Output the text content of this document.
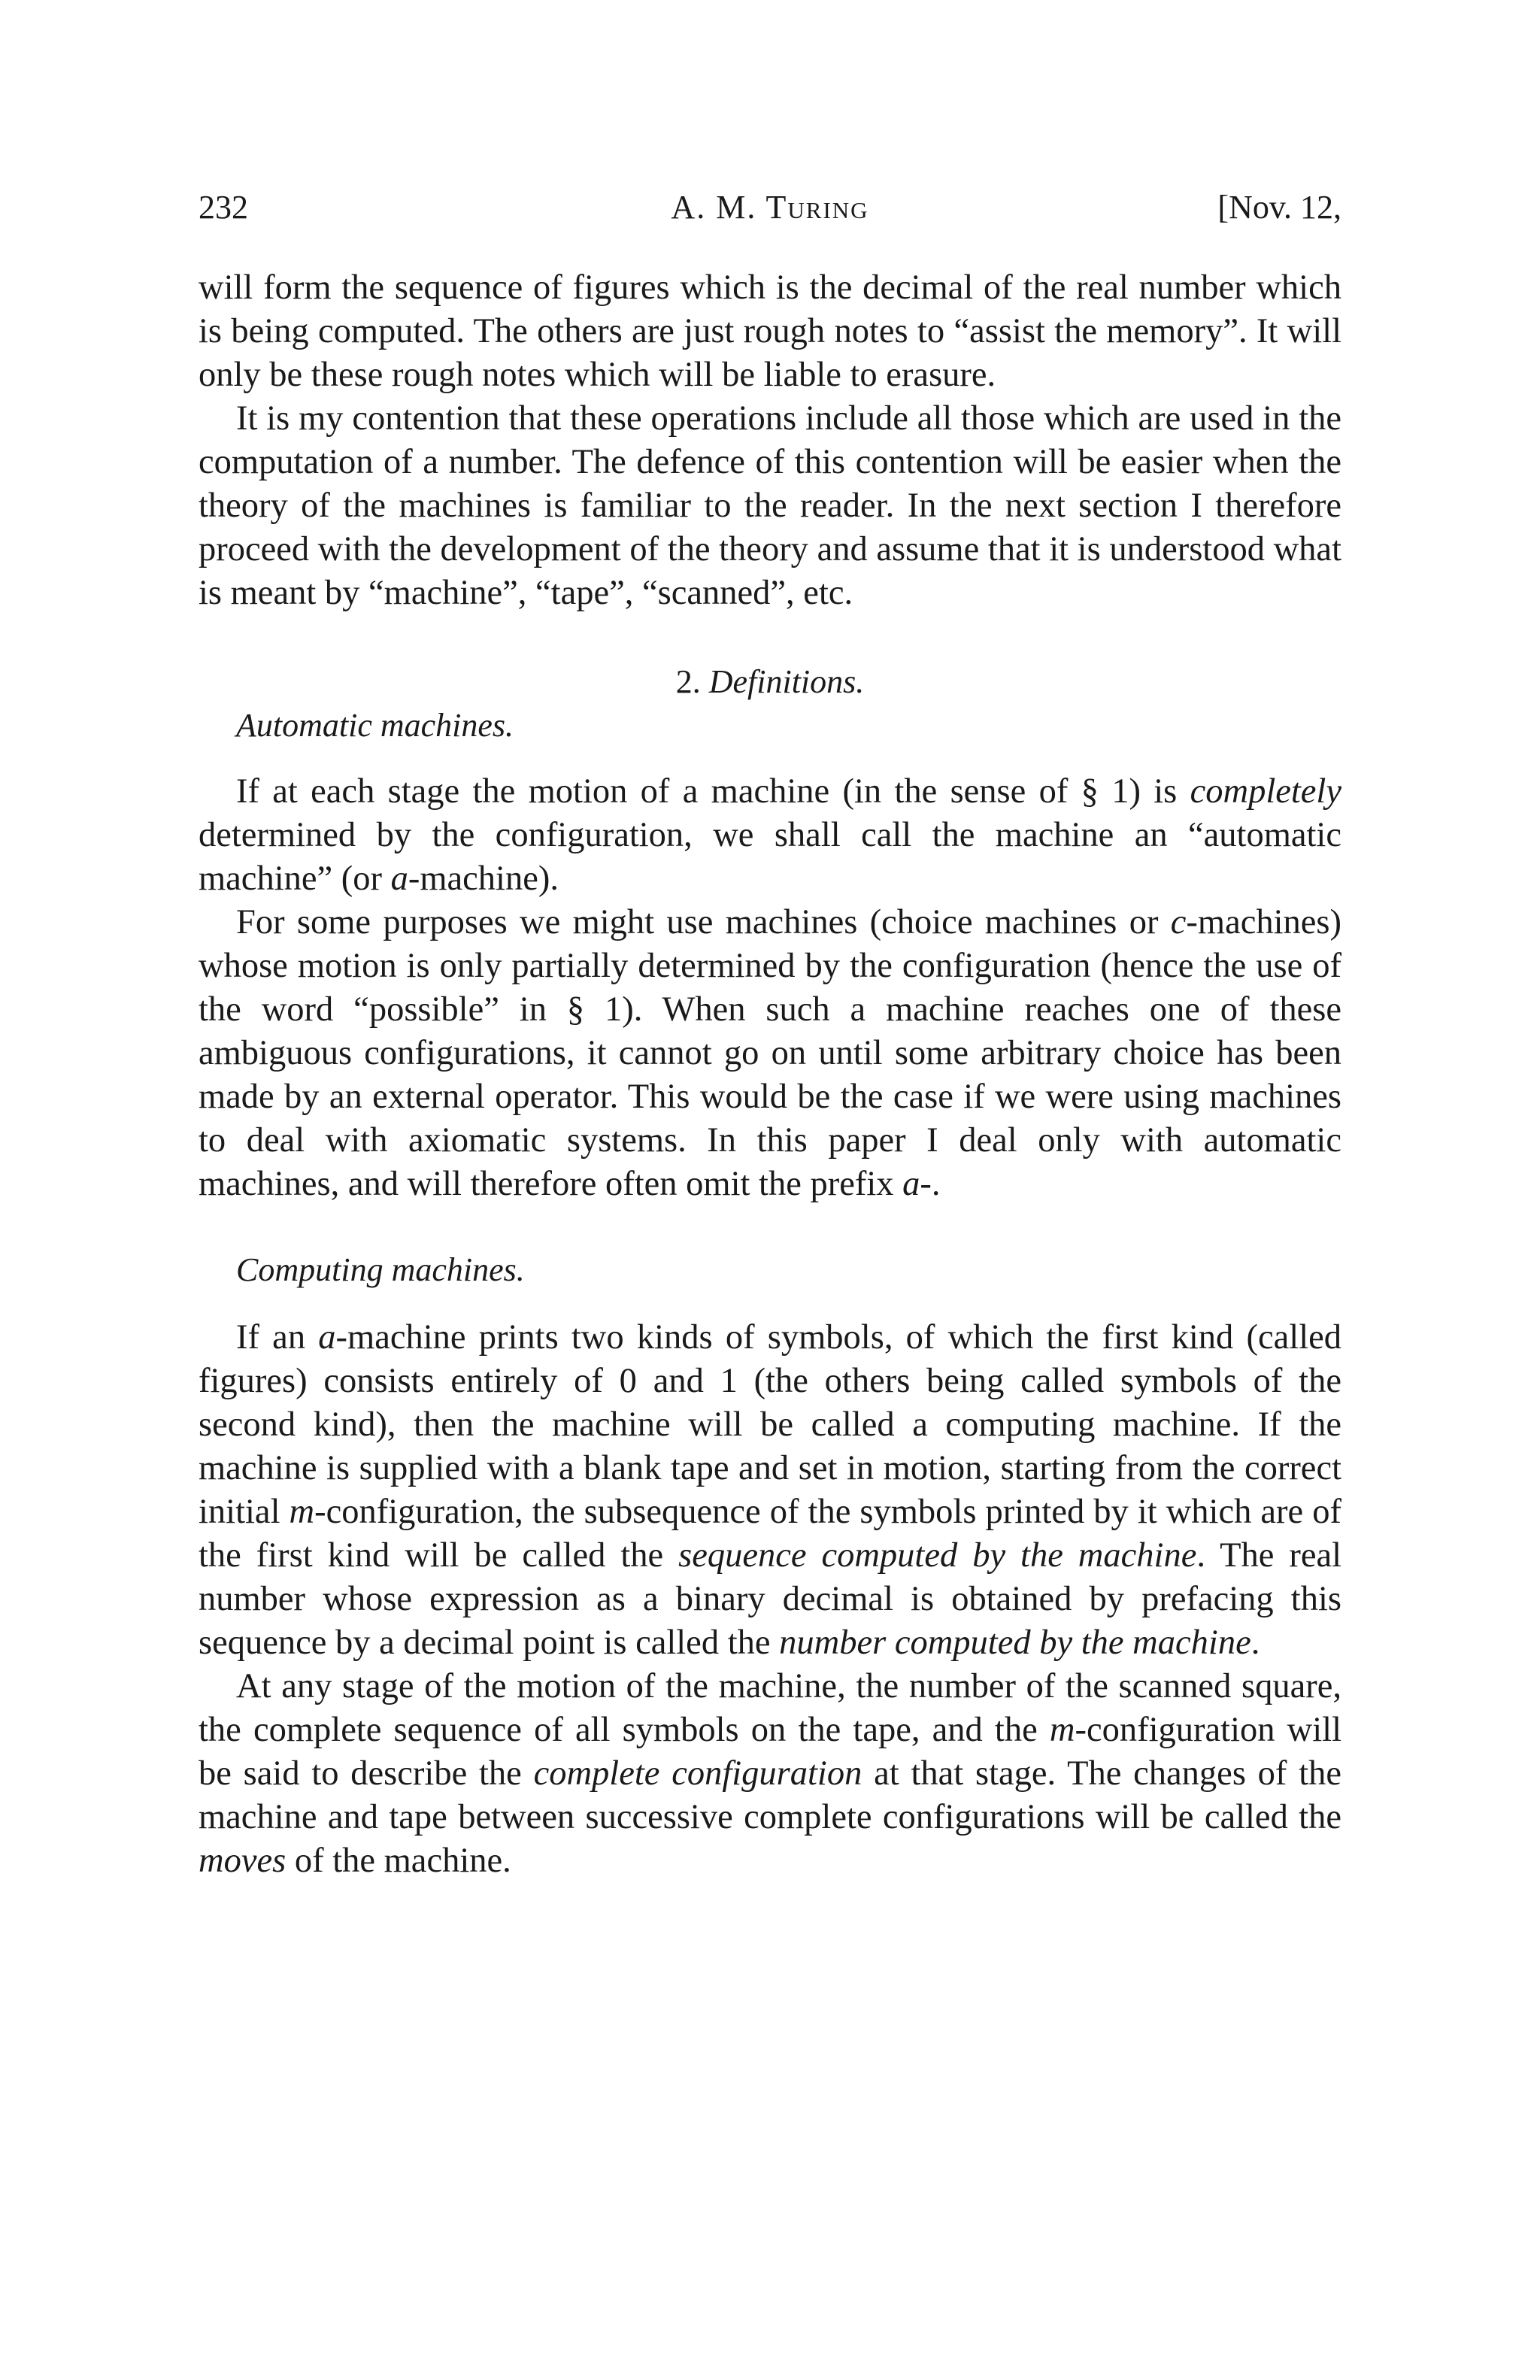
232	A. M. Turing	[Nov. 12,

will form the sequence of figures which is the decimal of the real number which is being computed. The others are just rough notes to “assist the memory”. It will only be these rough notes which will be liable to erasure.

It is my contention that these operations include all those which are used in the computation of a number. The defence of this contention will be easier when the theory of the machines is familiar to the reader. In the next section I therefore proceed with the development of the theory and assume that it is understood what is meant by “machine”, “tape”, “scanned”, etc.

2. Definitions.
Automatic machines.

If at each stage the motion of a machine (in the sense of § 1) is completely determined by the configuration, we shall call the machine an “automatic machine” (or a-machine).

For some purposes we might use machines (choice machines or c-machines) whose motion is only partially determined by the configuration (hence the use of the word “possible” in § 1). When such a machine reaches one of these ambiguous configurations, it cannot go on until some arbitrary choice has been made by an external operator. This would be the case if we were using machines to deal with axiomatic systems. In this paper I deal only with automatic machines, and will therefore often omit the prefix a-.

Computing machines.

If an a-machine prints two kinds of symbols, of which the first kind (called figures) consists entirely of 0 and 1 (the others being called symbols of the second kind), then the machine will be called a computing machine. If the machine is supplied with a blank tape and set in motion, starting from the correct initial m-configuration, the subsequence of the symbols printed by it which are of the first kind will be called the sequence computed by the machine. The real number whose expression as a binary decimal is obtained by prefacing this sequence by a decimal point is called the number computed by the machine.

At any stage of the motion of the machine, the number of the scanned square, the complete sequence of all symbols on the tape, and the m-configuration will be said to describe the complete configuration at that stage. The changes of the machine and tape between successive complete configurations will be called the moves of the machine.
